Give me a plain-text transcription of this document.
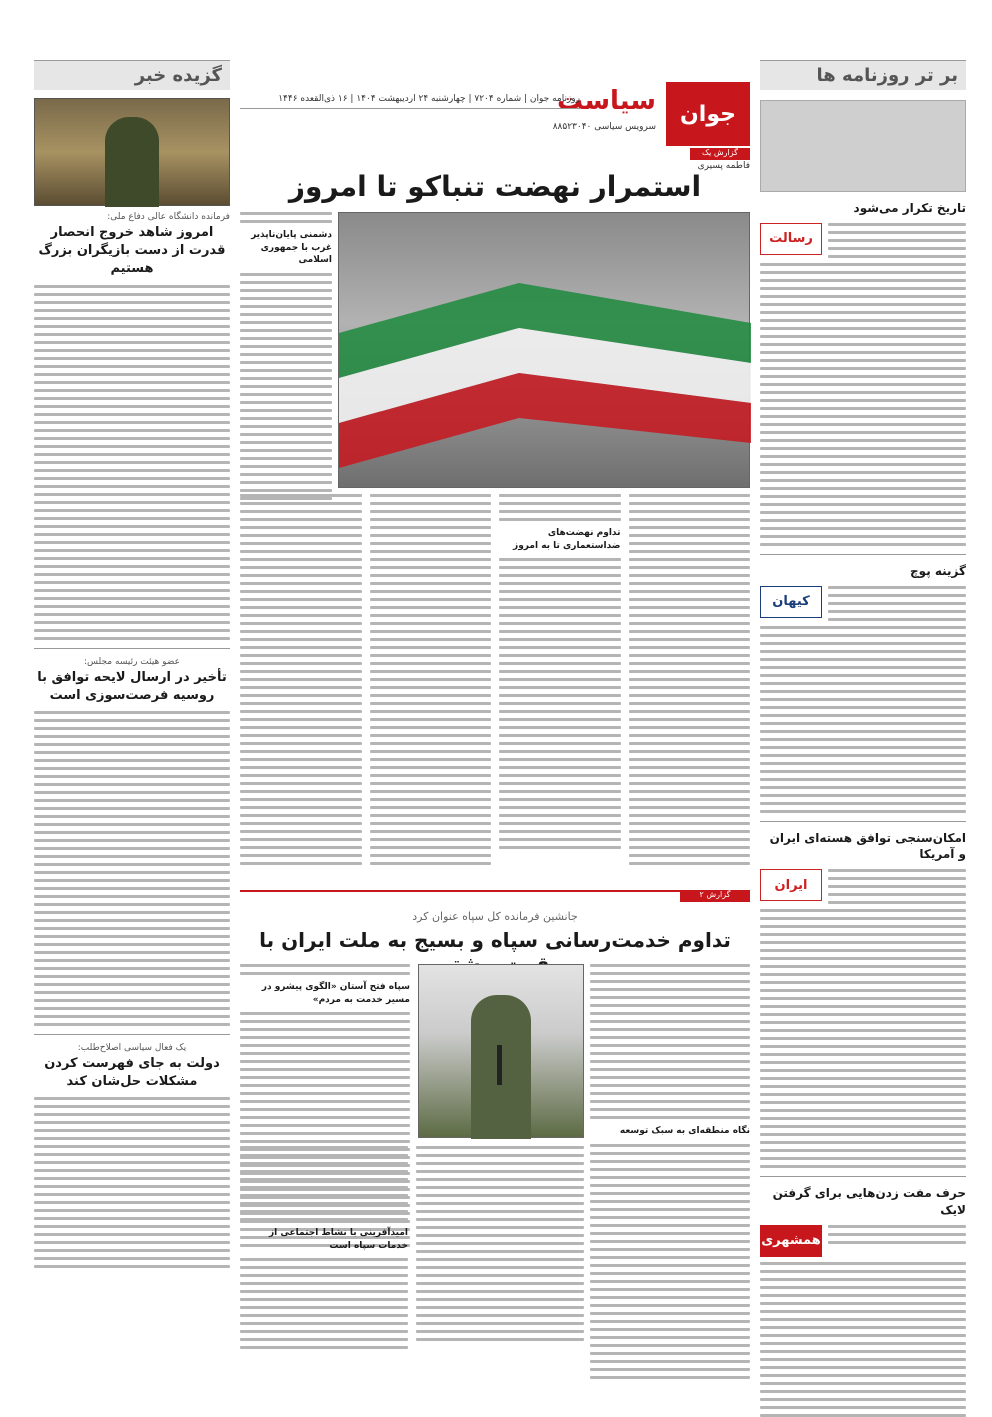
بر تر روزنامه ها
تاریخ تکرار می‌شود
رسالت
گزینه پوچ
کیهان
امکان‌سنجی توافق هسته‌ای ایران و آمریکا
ایران
حرف مفت زدن‌هایی برای گرفتن لایک
همشهری
گزیده خبر
فرمانده دانشگاه عالی دفاع ملی:
امروز شاهد خروج انحصار قدرت از دست بازیگران بزرگ هستیم
عضو هیئت رئیسه مجلس:
تأخیر در ارسال لایحه توافق با روسیه فرصت‌سوزی است
یک فعال سیاسی اصلاح‌طلب:
دولت به جای فهرست کردن مشکلات حل‌شان کند
جوان
سیاست
روزنامه جوان | شماره ۷۲۰۴ | چهارشنبه ۲۴ اردیبهشت ۱۴۰۴ | ۱۶ ذی‌القعده ۱۴۴۶
سرویس سیاسی ۸۸۵۲۳۰۴۰
گزارش یک
فاطمه پسیری
استمرار نهضت تنباکو تا امروز
دشمنی پایان‌ناپذیر غرب با جمهوری اسلامی
تداوم نهضت‌های ضداستعماری تا به امروز
گزارش ۲
جانشین فرمانده کل سپاه عنوان کرد
تداوم خدمت‌رسانی سپاه و بسیج به ملت ایران با
نگاه منطقه‌ای به سبک توسعه
سپاه فتح آستان «الگوی پیشرو در مسیر خدمت به مردم»
امید‌آفرینی با نشاط اجتماعی از خدمات سپاه است
